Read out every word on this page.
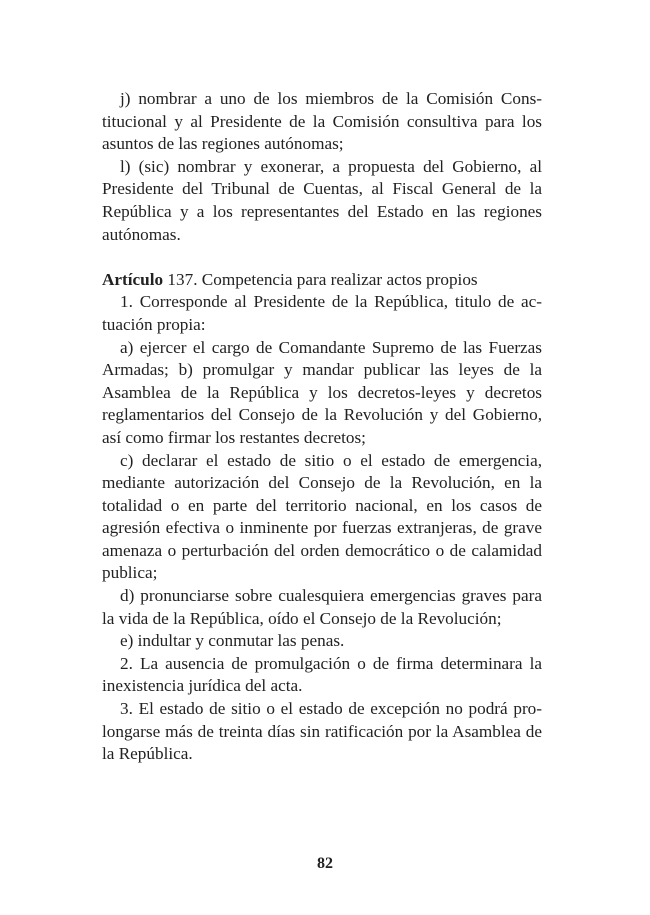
j) nombrar a uno de los miembros de la Comisión Constitucional y al Presidente de la Comisión consultiva para los asuntos de las regiones autónomas;

l) (sic) nombrar y exonerar, a propuesta del Gobierno, al Presidente del Tribunal de Cuentas, al Fiscal General de la República y a los representantes del Estado en las regiones autónomas.

Artículo 137. Competencia para realizar actos propios

1. Corresponde al Presidente de la República, titulo de actuación propia:

a) ejercer el cargo de Comandante Supremo de las Fuerzas Armadas; b) promulgar y mandar publicar las leyes de la Asamblea de la República y los decretos-leyes y decretos reglamentarios del Consejo de la Revolución y del Gobierno, así como firmar los restantes decretos;

c) declarar el estado de sitio o el estado de emergencia, mediante autorización del Consejo de la Revolución, en la totalidad o en parte del territorio nacional, en los casos de agresión efectiva o inminente por fuerzas extranjeras, de grave amenaza o perturbación del orden democrático o de calamidad publica;

d) pronunciarse sobre cualesquiera emergencias graves para la vida de la República, oído el Consejo de la Revolución;

e) indultar y conmutar las penas.

2. La ausencia de promulgación o de firma determinara la inexistencia jurídica del acta.

3. El estado de sitio o el estado de excepción no podrá prolongarse más de treinta días sin ratificación por la Asamblea de la República.

82
